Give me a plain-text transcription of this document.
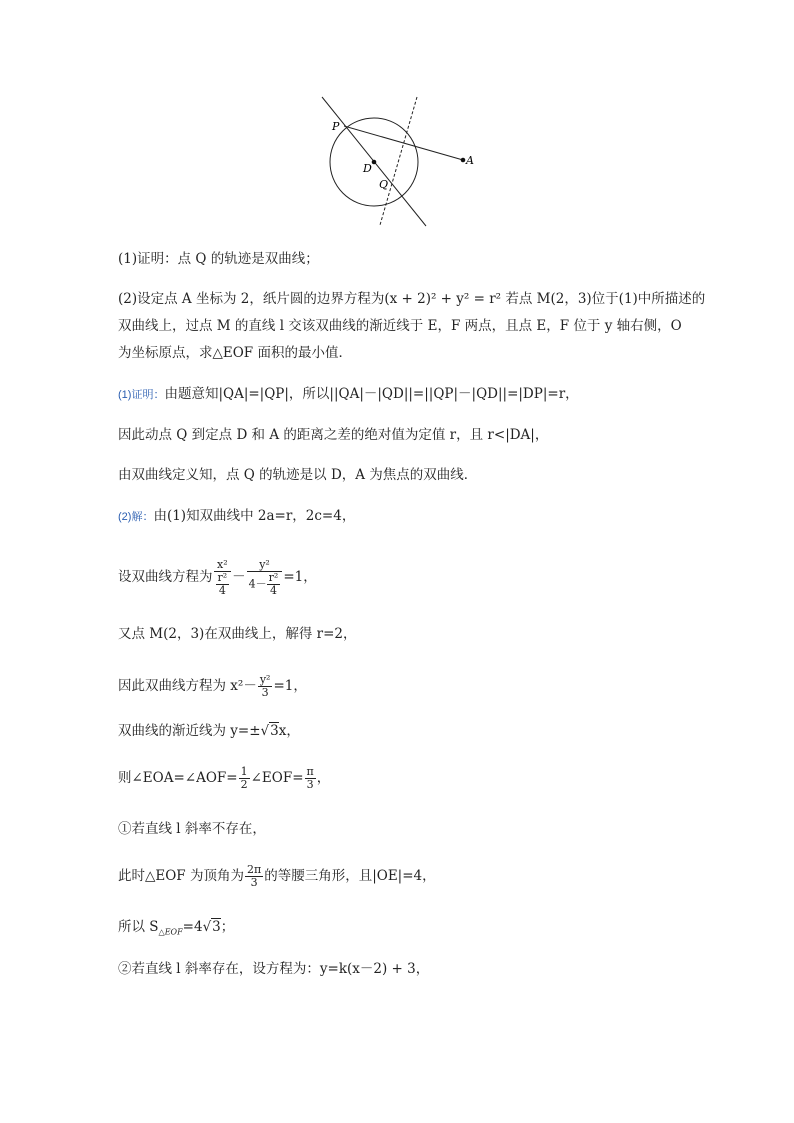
P
D
Q
A
(1)证明：点 Q 的轨迹是双曲线；
(2)设定点 A 坐标为 2，纸片圆的边界方程为(x + 2)² + y² = r² 若点 M(2，3)位于(1)中所描述的
双曲线上，过点 M 的直线 l 交该双曲线的渐近线于 E，F 两点，且点 E，F 位于 y 轴右侧，O
为坐标原点，求△EOF 面积的最小值．
(1)证明：由题意知|QA|=|QP|，所以||QA|－|QD||=||QP|－|QD||=|DP|=r，
因此动点 Q 到定点 D 和 A 的距离之差的绝对值为定值 r，且 r<|DA|，
由双曲线定义知，点 Q 的轨迹是以 D，A 为焦点的双曲线．
(2)解：由(1)知双曲线中 2a=r，2c=4，
设双曲线方程为 $\frac{\text{x²}}{\frac{\text{r²}}{4}} - \frac{\text{y²}}{4- \frac{\text{r²}}{4}} =1$，
又点 M(2，3)在双曲线上，解得 r=2，
因此双曲线方程为 $x^2- \frac{\text{y²}}{3} =1$，
双曲线的渐近线为 y=±√3x，
则∠EOA=∠AOF= $\frac{1}{2}$ ∠EOF= $\frac{\pi}{3}$ ，
①若直线 l 斜率不存在，
此时△EOF 为顶角为 $\frac{2\pi}{3}$ 的等腰三角形，且|OE|=4，
所以 $S_{\triangle EOF}=4√3$；
②若直线 l 斜率存在，设方程为：y=k(x－2) + 3，
